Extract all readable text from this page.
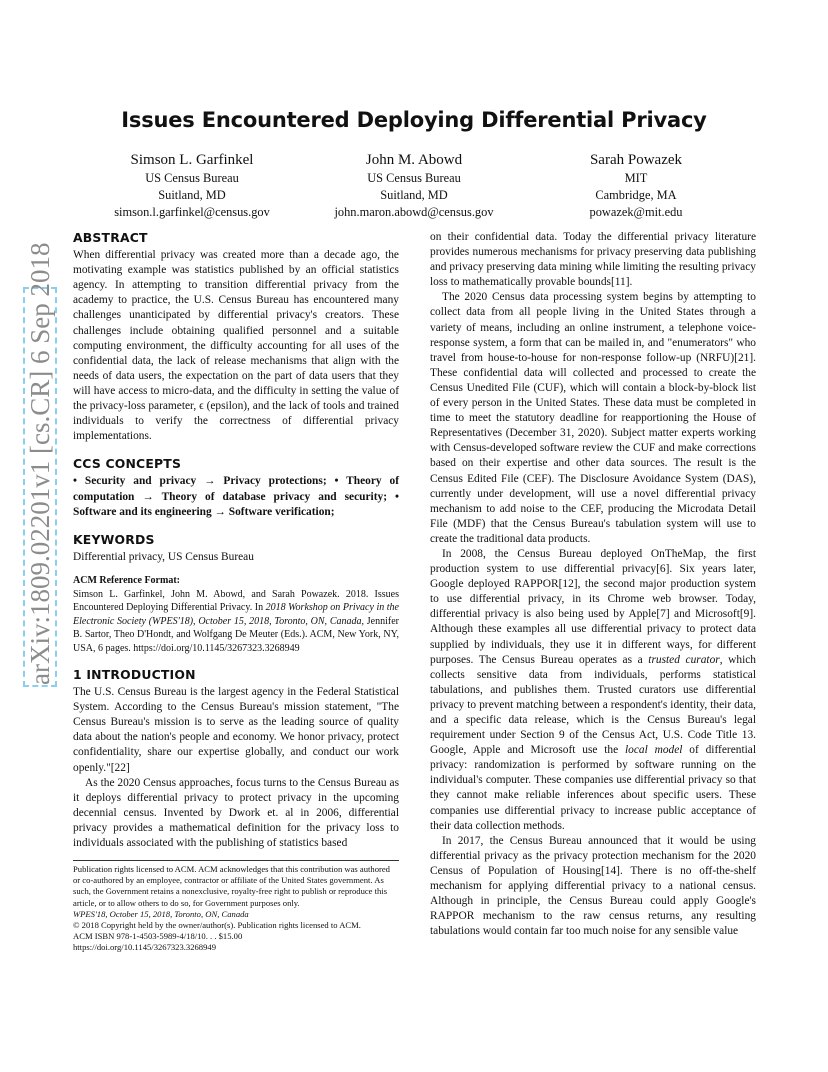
Issues Encountered Deploying Differential Privacy
Simson L. Garfinkel
US Census Bureau
Suitland, MD
simson.l.garfinkel@census.gov
John M. Abowd
US Census Bureau
Suitland, MD
john.maron.abowd@census.gov
Sarah Powazek
MIT
Cambridge, MA
powazek@mit.edu
arXiv:1809.02201v1 [cs.CR] 6 Sep 2018
ABSTRACT

When differential privacy was created more than a decade ago, the motivating example was statistics published by an official statistics agency. In attempting to transition differential privacy from the academy to practice, the U.S. Census Bureau has encountered many challenges unanticipated by differential privacy's creators. These challenges include obtaining qualified personnel and a suitable computing environment, the difficulty accounting for all uses of the confidential data, the lack of release mechanisms that align with the needs of data users, the expectation on the part of data users that they will have access to micro-data, and the difficulty in setting the value of the privacy-loss parameter, ϵ (epsilon), and the lack of tools and trained individuals to verify the correctness of differential privacy implementations.

CCS CONCEPTS

• Security and privacy → Privacy protections; • Theory of computation → Theory of database privacy and security; • Software and its engineering → Software verification;

KEYWORDS

Differential privacy, US Census Bureau

ACM Reference Format:

Simson L. Garfinkel, John M. Abowd, and Sarah Powazek. 2018. Issues Encountered Deploying Differential Privacy. In 2018 Workshop on Privacy in the Electronic Society (WPES'18), October 15, 2018, Toronto, ON, Canada, Jennifer B. Sartor, Theo D'Hondt, and Wolfgang De Meuter (Eds.). ACM, New York, NY, USA, 6 pages. https://doi.org/10.1145/3267323.3268949

1 INTRODUCTION

The U.S. Census Bureau is the largest agency in the Federal Statistical System. According to the Census Bureau's mission statement, "The Census Bureau's mission is to serve as the leading source of quality data about the nation's people and economy. We honor privacy, protect confidentiality, share our expertise globally, and conduct our work openly."[22]

As the 2020 Census approaches, focus turns to the Census Bureau as it deploys differential privacy to protect privacy in the upcoming decennial census. Invented by Dwork et. al in 2006, differential privacy provides a mathematical definition for the privacy loss to individuals associated with the publishing of statistics based

Publication rights licensed to ACM. ACM acknowledges that this contribution was authored or co-authored by an employee, contractor or affiliate of the United States government. As such, the Government retains a nonexclusive, royalty-free right to publish or reproduce this article, or to allow others to do so, for Government purposes only.

WPES'18, October 15, 2018, Toronto, ON, Canada

© 2018 Copyright held by the owner/author(s). Publication rights licensed to ACM.

ACM ISBN 978-1-4503-5989-4/18/10. . . $15.00

https://doi.org/10.1145/3267323.3268949

on their confidential data. Today the differential privacy literature provides numerous mechanisms for privacy preserving data publishing and privacy preserving data mining while limiting the resulting privacy loss to mathematically provable bounds[11].

The 2020 Census data processing system begins by attempting to collect data from all people living in the United States through a variety of means, including an online instrument, a telephone voice-response system, a form that can be mailed in, and "enumerators" who travel from house-to-house for non-response follow-up (NRFU)[21]. These confidential data will collected and processed to create the Census Unedited File (CUF), which will contain a block-by-block list of every person in the United States. These data must be completed in time to meet the statutory deadline for reapportioning the House of Representatives (December 31, 2020). Subject matter experts working with Census-developed software review the CUF and make corrections based on their expertise and other data sources. The result is the Census Edited File (CEF). The Disclosure Avoidance System (DAS), currently under development, will use a novel differential privacy mechanism to add noise to the CEF, producing the Microdata Detail File (MDF) that the Census Bureau's tabulation system will use to create the traditional data products.

In 2008, the Census Bureau deployed OnTheMap, the first production system to use differential privacy[6]. Six years later, Google deployed RAPPOR[12], the second major production system to use differential privacy, in its Chrome web browser. Today, differential privacy is also being used by Apple[7] and Microsoft[9]. Although these examples all use differential privacy to protect data supplied by individuals, they use it in different ways, for different purposes. The Census Bureau operates as a trusted curator, which collects sensitive data from individuals, performs statistical tabulations, and publishes them. Trusted curators use differential privacy to prevent matching between a respondent's identity, their data, and a specific data release, which is the Census Bureau's legal requirement under Section 9 of the Census Act, U.S. Code Title 13. Google, Apple and Microsoft use the local model of differential privacy: randomization is performed by software running on the individual's computer. These companies use differential privacy so that they cannot make reliable inferences about specific users. These companies use differential privacy to increase public acceptance of their data collection methods.

In 2017, the Census Bureau announced that it would be using differential privacy as the privacy protection mechanism for the 2020 Census of Population of Housing[14]. There is no off-the-shelf mechanism for applying differential privacy to a national census. Although in principle, the Census Bureau could apply Google's RAPPOR mechanism to the raw census returns, any resulting tabulations would contain far too much noise for any sensible value
